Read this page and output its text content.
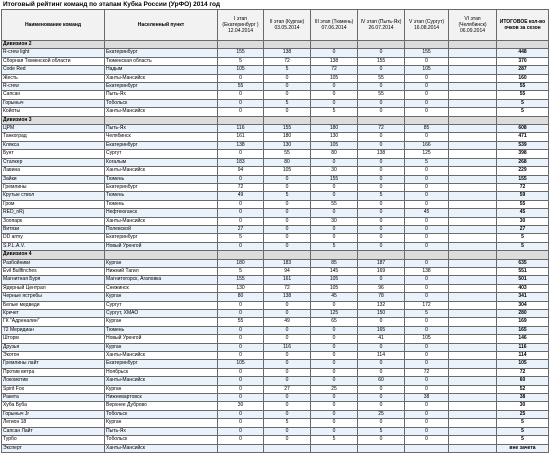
Итоговый рейтинг команд по этапам Кубка России (УрФО) 2014 год
Наименование команд	Населенный пункт	I этап (Екатеринбург ) 12.04.2014	II этап (Курган) 03.05.2014	III этап (Тюмень) 07.06.2014	IV этап (Пыть-Ях) 26.07.2014	V этап (Сургут) 16.08.2014	VI этап (Челябинск) 06.09.2014	ИТОГОВОЕ кол-во очков за сезон
Дивизион 2								
R-crew light	Екатеринбург	155	138	0	0	155		448
Сборная Тюменской области	Тюменская область	5	72	138	155	0		370
Code Red	Надым	105	5	72	0	105		287
Жесть	Ханты-Мансийск	0	0	105	55	0		160
R-crew	Екатеринбург	55	0	0	0	0		55
Сапсан	Пыть-Ях	0	0	0	55	0		55
Горыныч	Тобольск	0	5	0	0	0		5
Койоты	Ханты-Мансийск	0	0	5	0	0		5
Дивизион 3								
ЦРМ	Пыть-Ях	116	155	180	72	85		608
Танкоград	Челябинск	161	180	130	0	0		471
Клякса	Екатеринбург	138	130	105	0	166		539
Бунт	Сургут	0	55	80	138	125		398
Сталкер	Когалым	183	80	0	0	5		268
Лавина	Ханты-Мансийск	94	105	30	0	0		229
Зайки	Тюмень	0	0	155	0	0		155
Гремлины	Екатеринбург	72	0	0	0	0		72
Крутые ствол	Тюмень	49	5	0	5	0		59
Гром	Тюмень	0	0	55	0	0		55
RED_nRj	Нефтеюганск	0	0	0	0	45		45
Зоопарк	Ханты-Мансийск	0	0	30	0	0		30
Витязи	Полевской	27	0	0	0	0		27
DD army	Екатеринбург	5	0	0	0	0		5
S.P.L.A.V.	Новый Уренгой	0	0	5	0	0		5
Дивизион 4								
Разбойники	Курган	180	183	85	187	0		635
Evil Bullfinches	Нижний Тагил	5	94	145	169	138		551
Магнитная Буря	Магнитогорск, Агаповка	155	161	105	0	0		501
Ядерный Централ	Снежинск	130	72	105	96	0		403
Черные ястребы	Курган	80	138	45	78	0		341
Белые медведи	Сургут	0	0	0	132	172		304
Кречет	Сургут, ХМАО	0	0	125	150	5		280
ГК "Адреналин"	Курган	55	49	65	0	0		169
72 Меридиан	Тюмень	0	0	0	165	0		165
Шторм	Новый Уренгой	0	0	0	41	105		146
Друзья	Курган	0	116	0	0	0		116
Экотон	Ханты-Мансийск	0	0	0	114	0		114
Гремлины лайт	Екатеринбург	105	0	0	0	0		105
Против ветра	Ноябрьск	0	0	0	0	72		72
Локомотив	Ханты-Мансийск	0	0	0	60	0		60
Spirit Fox	Курган	0	27	25	0	0		52
Ракета	Нижневартовск	0	0	0	0	38		38
Хуба Буба	Верхнее Дуброво	30	0	0	0	0		30
Горыныч Jr	Тобольск	0	0	0	25	0		25
Легион 18	Курган	0	5	0	0	0		5
Сапсан Лайт	Пыть-Ях	0	0	0	5	0		5
Турбо	Тобольск	0	0	5	0	0		5
Эксперт	Ханты-Мансийск							вне зачета
